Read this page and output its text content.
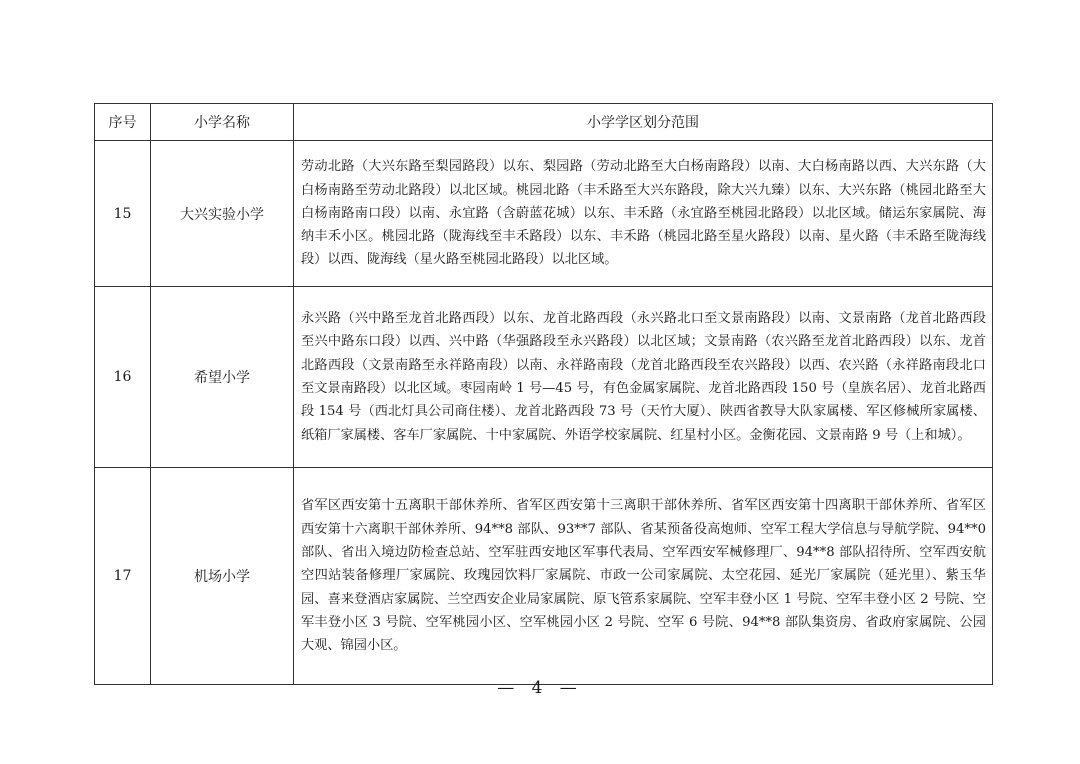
序号	小学名称	小学学区划分范围
15	大兴实验小学	劳动北路（大兴东路至梨园路段）以东、梨园路（劳动北路至大白杨南路段）以南、大白杨南路以西、大兴东路（大白杨南路至劳动北路段）以北区域。桃园北路（丰禾路至大兴东路段，除大兴九臻）以东、大兴东路（桃园北路至大白杨南路南口段）以南、永宜路（含蔚蓝花城）以东、丰禾路（永宜路至桃园北路段）以北区域。储运东家属院、海纳丰禾小区。桃园北路（陇海线至丰禾路段）以东、丰禾路（桃园北路至星火路段）以南、星火路（丰禾路至陇海线段）以西、陇海线（星火路至桃园北路段）以北区域。
16	希望小学	永兴路（兴中路至龙首北路西段）以东、龙首北路西段（永兴路北口至文景南路段）以南、文景南路（龙首北路西段至兴中路东口段）以西、兴中路（华强路段至永兴路段）以北区域；文景南路（农兴路至龙首北路西段）以东、龙首北路西段（文景南路至永祥路南段）以南、永祥路南段（龙首北路西段至农兴路段）以西、农兴路（永祥路南段北口至文景南路段）以北区域。枣园南岭 1 号—45 号，有色金属家属院、龙首北路西段 150 号（皇族名居）、龙首北路西段 154 号（西北灯具公司商住楼）、龙首北路西段 73 号（天竹大厦）、陕西省教导大队家属楼、军区修械所家属楼、纸箱厂家属楼、客车厂家属院、十中家属院、外语学校家属院、红星村小区。金衡花园、文景南路 9 号（上和城）。
17	机场小学	省军区西安第十五离职干部休养所、省军区西安第十三离职干部休养所、省军区西安第十四离职干部休养所、省军区西安第十六离职干部休养所、94**8 部队、93**7 部队、省某预备役高炮师、空军工程大学信息与导航学院、94**0 部队、省出入境边防检查总站、空军驻西安地区军事代表局、空军西安军械修理厂、94**8 部队招待所、空军西安航空四站装备修理厂家属院、玫瑰园饮料厂家属院、市政一公司家属院、太空花园、延光厂家属院（延光里）、紫玉华园、喜来登酒店家属院、兰空西安企业局家属院、原飞管系家属院、空军丰登小区 1 号院、空军丰登小区 2 号院、空军丰登小区 3 号院、空军桃园小区、空军桃园小区 2 号院、空军 6 号院、94**8 部队集资房、省政府家属院、公园大观、锦园小区。
— 4 —
